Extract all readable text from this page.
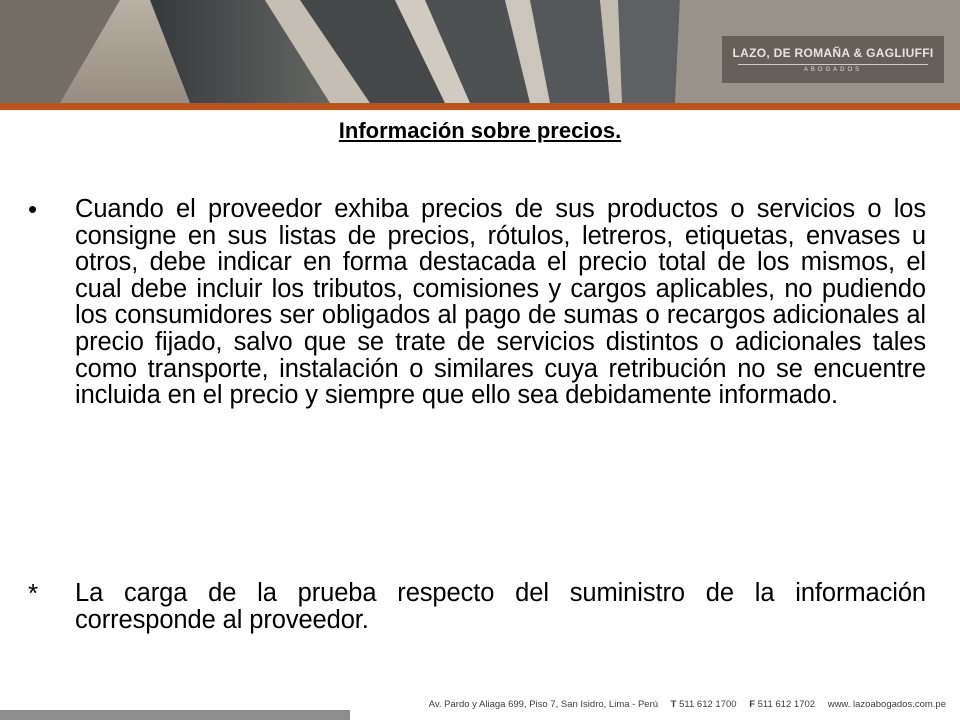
LAZO, DE ROMAÑA & GAGLIUFFI
ABOGADOS
Información sobre precios.
• Cuando el proveedor exhiba precios de sus productos o servicios o los consigne en sus listas de precios, rótulos, letreros, etiquetas, envases u otros, debe indicar en forma destacada el precio total de los mismos, el cual debe incluir los tributos, comisiones y cargos aplicables, no pudiendo los consumidores ser obligados al pago de sumas o recargos adicionales al precio fijado, salvo que se trate de servicios distintos o adicionales tales como transporte, instalación o similares cuya retribución no se encuentre incluida en el precio y siempre que ello sea debidamente informado.
* La carga de la prueba respecto del suministro de la información corresponde al proveedor.
Av. Pardo y Aliaga 699, Piso 7, San Isidro, Lima - Perú T 511 612 1700 F 511 612 1702 www. lazoabogados.com.pe
